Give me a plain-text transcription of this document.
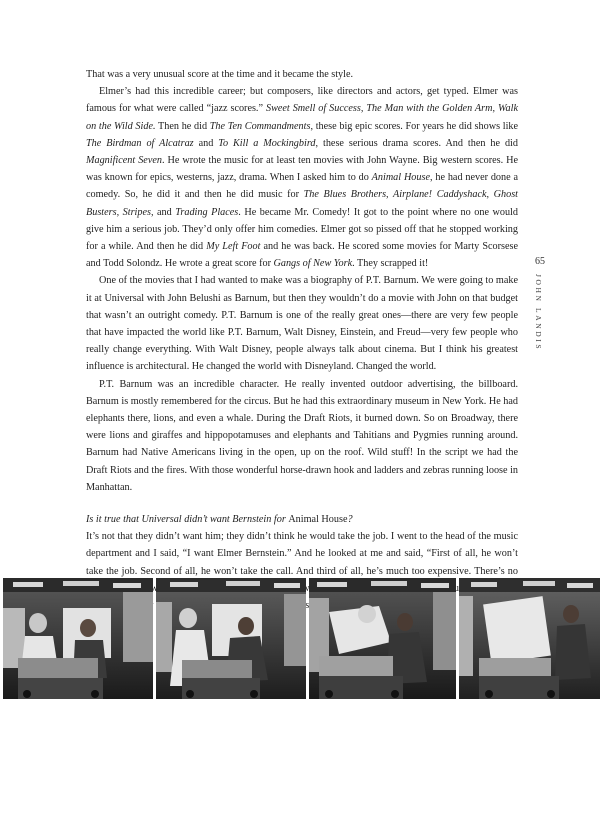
That was a very unusual score at the time and it became the style.

Elmer’s had this incredible career; but composers, like directors and actors, get typed. Elmer was famous for what were called “jazz scores.” Sweet Smell of Success, The Man with the Golden Arm, Walk on the Wild Side. Then he did The Ten Commandments, these big epic scores. For years he did shows like The Birdman of Alcatraz and To Kill a Mockingbird, these serious drama scores. And then he did Magnificent Seven. He wrote the music for at least ten movies with John Wayne. Big western scores. He was known for epics, westerns, jazz, drama. When I asked him to do Animal House, he had never done a comedy. So, he did it and then he did music for The Blues Brothers, Airplane! Caddyshack, Ghost Busters, Stripes, and Trading Places. He became Mr. Comedy! It got to the point where no one would give him a serious job. They’d only offer him comedies. Elmer got so pissed off that he stopped working for a while. And then he did My Left Foot and he was back. He scored some movies for Marty Scorsese and Todd Solondz. He wrote a great score for Gangs of New York. They scrapped it!

One of the movies that I had wanted to make was a biography of P.T. Barnum. We were going to make it at Universal with John Belushi as Barnum, but then they wouldn’t do a movie with John on that budget that wasn’t an outright comedy. P.T. Barnum is one of the really great ones—there are very few people that have impacted the world like P.T. Barnum, Walt Disney, Einstein, and Freud—very few people who really change everything. With Walt Disney, people always talk about cinema. But I think his greatest influence is architectural. He changed the world with Disneyland. Changed the world.

P.T. Barnum was an incredible character. He really invented outdoor advertising, the billboard. Barnum is mostly remembered for the circus. But he had this extraordinary museum in New York. He had elephants there, lions, and even a whale. During the Draft Riots, it burned down. So on Broadway, there were lions and giraffes and hippopotamuses and elephants and Tahitians and Pygmies running around. Barnum had Native Americans living in the open, up on the roof. Wild stuff! In the script we had the Draft Riots and the fires. With those wonderful horse-drawn hook and ladders and zebras running loose in Manhattan.

Is it true that Universal didn’t want Bernstein for Animal House?

It’s not that they didn’t want him; they didn’t think he would take the job. I went to the head of the music department and I said, “I want Elmer Bernstein.” And he looked at me and said, “First of all, he won’t take the job. Second of all, he won’t take the call. And third of all, he’s much too expensive. There’s no

65
JOHN LANDIS
